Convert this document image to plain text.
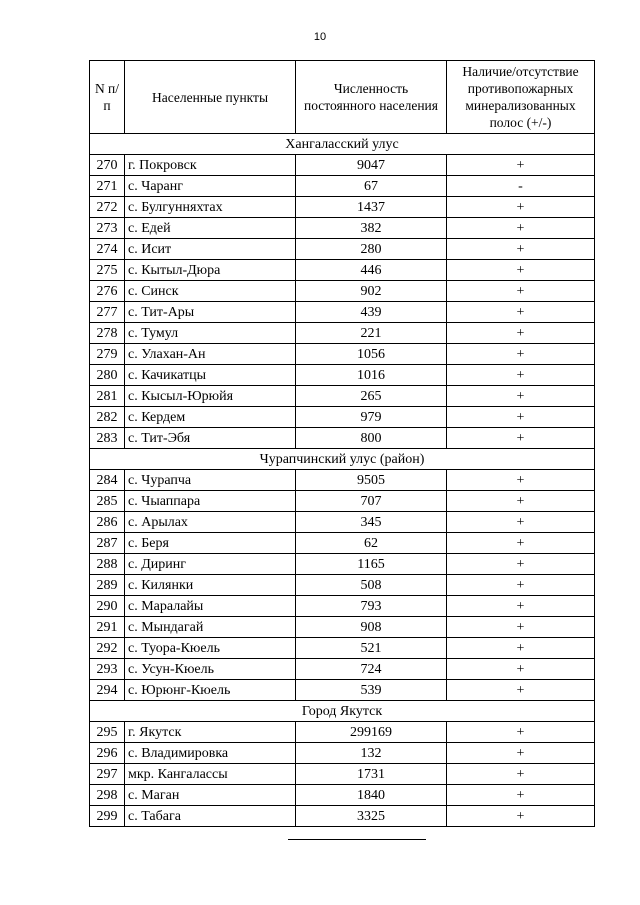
10
N п/п	Населенные пункты	Численность постоянного населения	Наличие/отсутствие противопожарных минерализованных полос (+/-)
Хангаласский улус			
270	г. Покровск	9047	+
271	с. Чаранг	67	-
272	с. Булгунняхтах	1437	+
273	с. Едей	382	+
274	с. Исит	280	+
275	с. Кытыл-Дюра	446	+
276	с. Синск	902	+
277	с. Тит-Ары	439	+
278	с. Тумул	221	+
279	с. Улахан-Ан	1056	+
280	с. Качикатцы	1016	+
281	с. Кысыл-Юрюйя	265	+
282	с. Кердем	979	+
283	с. Тит-Эбя	800	+
Чурапчинский улус (район)			
284	с. Чурапча	9505	+
285	с. Чыаппара	707	+
286	с. Арылах	345	+
287	с. Беря	62	+
288	с. Диринг	1165	+
289	с. Килянки	508	+
290	с. Маралайы	793	+
291	с. Мындагай	908	+
292	с. Туора-Кюель	521	+
293	с. Усун-Кюель	724	+
294	с. Юрюнг-Кюель	539	+
Город Якутск			
295	г. Якутск	299169	+
296	с. Владимировка	132	+
297	мкр. Кангалассы	1731	+
298	с. Маган	1840	+
299	с. Табага	3325	+
